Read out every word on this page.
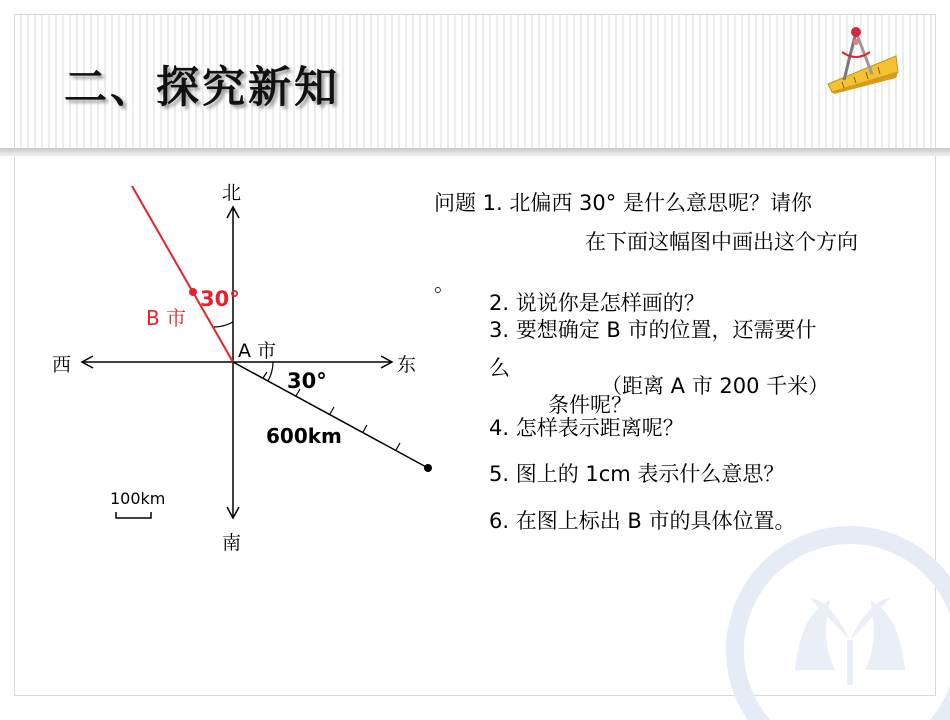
二、探究新知
北
南
西	东
A 市
B 市
30°
30°
600km
100km
问题 1. 北偏西 30° 是什么意思呢？请你
在下面这幅图中画出这个方向
。
2. 说说你是怎样画的？
3. 要想确定 B 市的位置，还需要什
么
条件呢？
（距离 A 市 200 千米）
4. 怎样表示距离呢？
5. 图上的 1cm 表示什么意思？
6. 在图上标出 B 市的具体位置。
